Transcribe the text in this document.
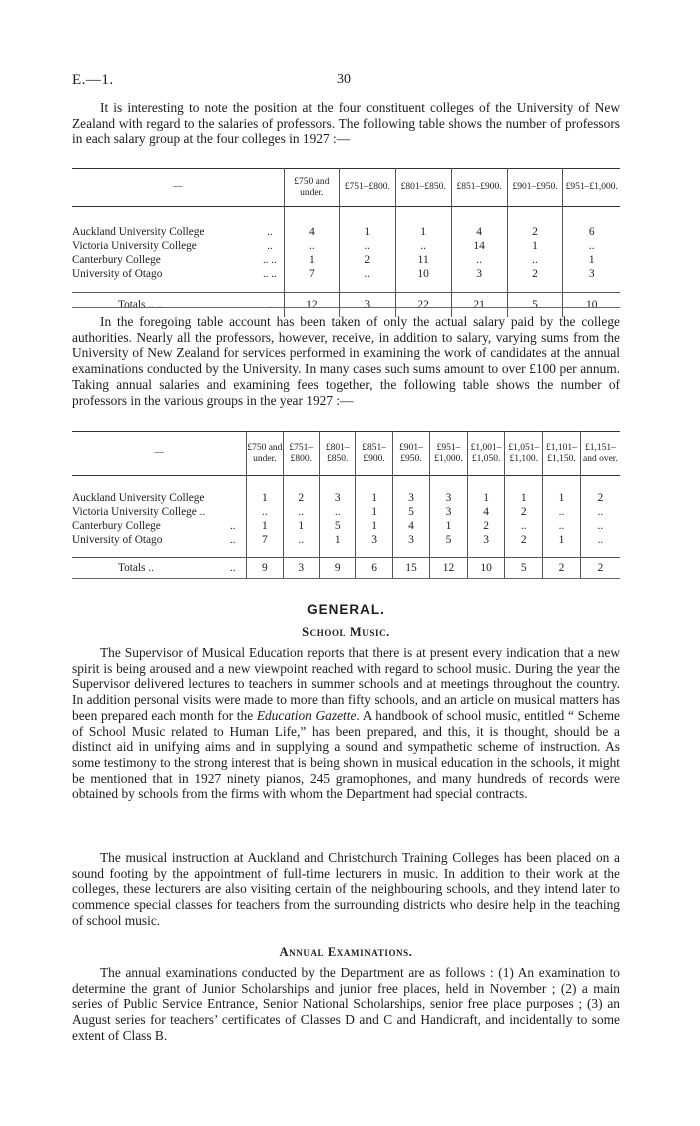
E.—1.	30

It is interesting to note the position at the four constituent colleges of the University of New Zealand with regard to the salaries of professors. The following table shows the number of professors in each salary group at the four colleges in 1927 :—

—		£750 and under.	£751–£800.	£801–£850.	£851–£900.	£901–£950.	£951–£1,000.

Auckland University College	..	4	1	1	4	2	6
Victoria University College	..	..	..	..	14	1	..
Canterbury College	.. ..	1	2	11	..	..	1
University of Otago	.. ..	7	..	10	3	2	3

Totals .. ..	..	12	3	22	21	5	10

In the foregoing table account has been taken of only the actual salary paid by the college authorities. Nearly all the professors, however, receive, in addition to salary, varying sums from the University of New Zealand for services performed in examining the work of candidates at the annual examinations conducted by the University. In many cases such sums amount to over £100 per annum. Taking annual salaries and examining fees together, the following table shows the number of professors in the various groups in the year 1927 :—

—		£750 and under.	£751–£800.	£801–£850.	£851–£900.	£901–£950.	£951–£1,000.	£1,001–£1,050.	£1,051–£1,100.	£1,101–£1,150.	£1,151–and over.

Auckland University College		1	2	3	1	3	3	1	1	1	2
Victoria University College ..		..	..	..	1	5	3	4	2	..	..
Canterbury College	..	1	1	5	1	4	1	2	..	..	..
University of Otago	..	7	..	1	3	3	5	3	2	1	..

Totals ..	..	9	3	9	6	15	12	10	5	2	2
GENERAL.
School Music.

The Supervisor of Musical Education reports that there is at present every indication that a new spirit is being aroused and a new viewpoint reached with regard to school music. During the year the Supervisor delivered lectures to teachers in summer schools and at meetings throughout the country. In addition personal visits were made to more than fifty schools, and an article on musical matters has been prepared each month for the Education Gazette. A handbook of school music, entitled “ Scheme of School Music related to Human Life,” has been prepared, and this, it is thought, should be a distinct aid in unifying aims and in supplying a sound and sympathetic scheme of instruction. As some testimony to the strong interest that is being shown in musical education in the schools, it might be mentioned that in 1927 ninety pianos, 245 gramophones, and many hundreds of records were obtained by schools from the firms with whom the Department had special contracts.

The musical instruction at Auckland and Christchurch Training Colleges has been placed on a sound footing by the appointment of full-time lecturers in music. In addition to their work at the colleges, these lecturers are also visiting certain of the neighbouring schools, and they intend later to commence special classes for teachers from the surrounding districts who desire help in the teaching of school music.

Annual Examinations.

The annual examinations conducted by the Department are as follows : (1) An examination to determine the grant of Junior Scholarships and junior free places, held in November ; (2) a main series of Public Service Entrance, Senior National Scholarships, senior free place purposes ; (3) an August series for teachers’ certificates of Classes D and C and Handicraft, and incidentally to some extent of Class B.
